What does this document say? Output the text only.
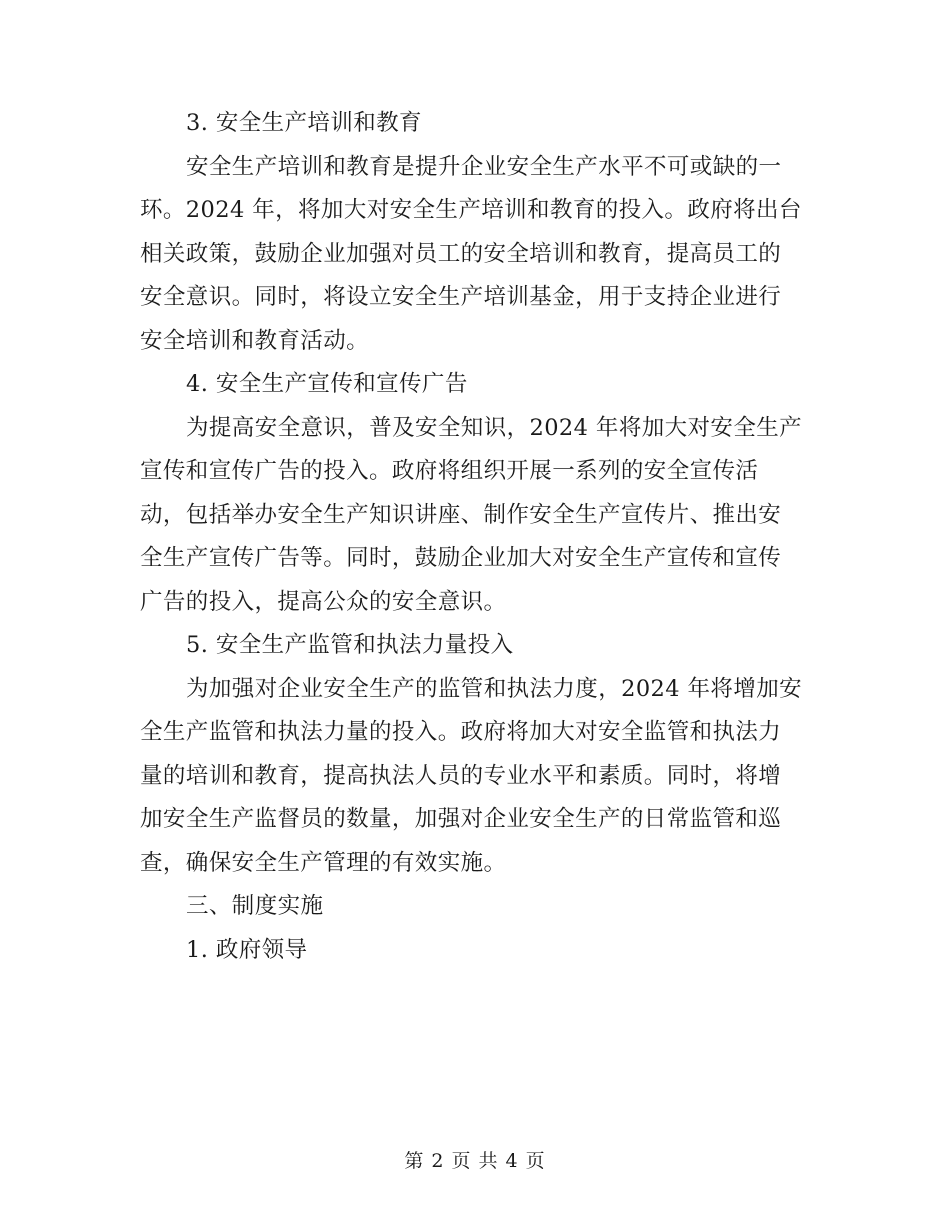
3. 安全生产培训和教育
安全生产培训和教育是提升企业安全生产水平不可或缺的一
环。2024 年，将加大对安全生产培训和教育的投入。政府将出台
相关政策，鼓励企业加强对员工的安全培训和教育，提高员工的
安全意识。同时，将设立安全生产培训基金，用于支持企业进行
安全培训和教育活动。
4. 安全生产宣传和宣传广告
为提高安全意识，普及安全知识，2024 年将加大对安全生产
宣传和宣传广告的投入。政府将组织开展一系列的安全宣传活
动，包括举办安全生产知识讲座、制作安全生产宣传片、推出安
全生产宣传广告等。同时，鼓励企业加大对安全生产宣传和宣传
广告的投入，提高公众的安全意识。
5. 安全生产监管和执法力量投入
为加强对企业安全生产的监管和执法力度，2024 年将增加安
全生产监管和执法力量的投入。政府将加大对安全监管和执法力
量的培训和教育，提高执法人员的专业水平和素质。同时，将增
加安全生产监督员的数量，加强对企业安全生产的日常监管和巡
查，确保安全生产管理的有效实施。
三、制度实施
1. 政府领导
第 2 页 共 4 页
